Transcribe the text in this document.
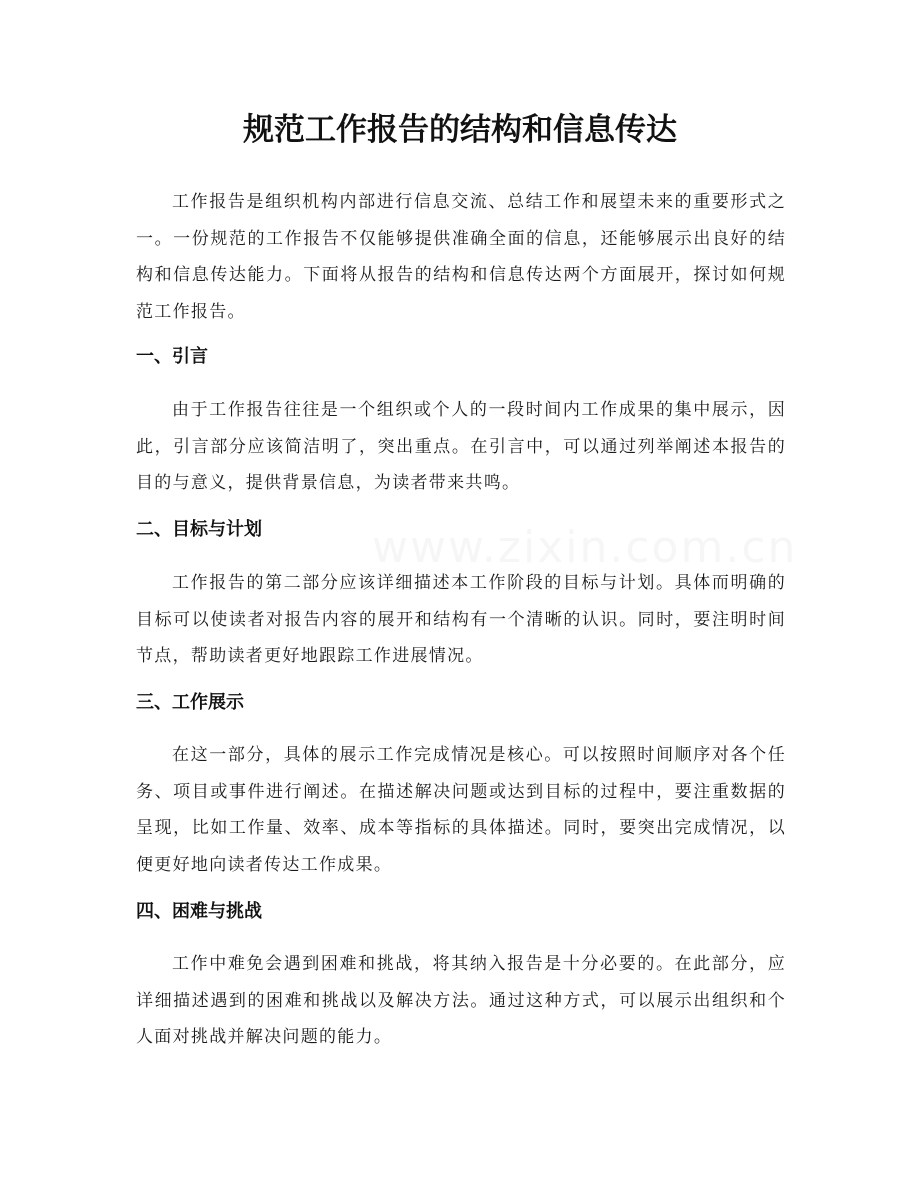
www.zixin.com.cn
规范工作报告的结构和信息传达

工作报告是组织机构内部进行信息交流、总结工作和展望未来的重要形式之一。一份规范的工作报告不仅能够提供准确全面的信息，还能够展示出良好的结构和信息传达能力。下面将从报告的结构和信息传达两个方面展开，探讨如何规范工作报告。

一、引言

由于工作报告往往是一个组织或个人的一段时间内工作成果的集中展示，因此，引言部分应该简洁明了，突出重点。在引言中，可以通过列举阐述本报告的目的与意义，提供背景信息，为读者带来共鸣。

二、目标与计划

工作报告的第二部分应该详细描述本工作阶段的目标与计划。具体而明确的目标可以使读者对报告内容的展开和结构有一个清晰的认识。同时，要注明时间节点，帮助读者更好地跟踪工作进展情况。

三、工作展示

在这一部分，具体的展示工作完成情况是核心。可以按照时间顺序对各个任务、项目或事件进行阐述。在描述解决问题或达到目标的过程中，要注重数据的呈现，比如工作量、效率、成本等指标的具体描述。同时，要突出完成情况，以便更好地向读者传达工作成果。

四、困难与挑战

工作中难免会遇到困难和挑战，将其纳入报告是十分必要的。在此部分，应详细描述遇到的困难和挑战以及解决方法。通过这种方式，可以展示出组织和个人面对挑战并解决问题的能力。
